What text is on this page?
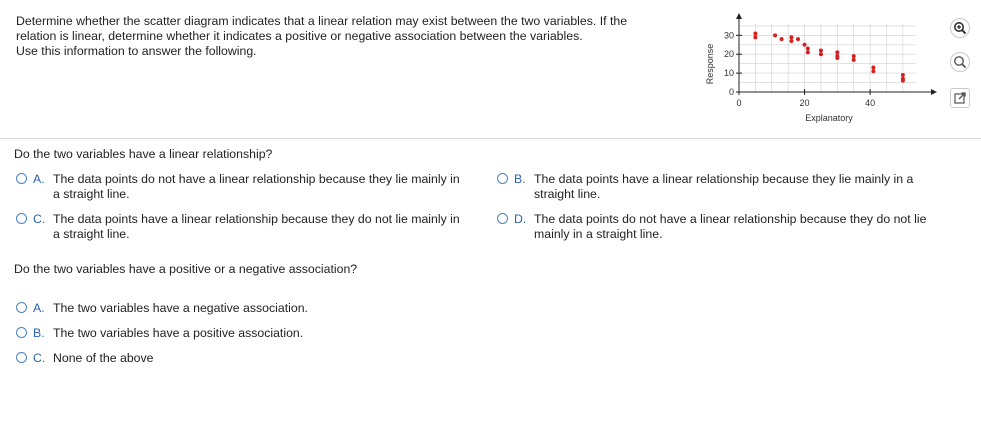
Determine whether the scatter diagram indicates that a linear relation may exist between the two variables. If the
relation is linear, determine whether it indicates a positive or negative association between the variables.
Use this information to answer the following.
0
10
20
30
0	20	40
Explanatory
Response
Do the two variables have a linear relationship?
A. The data points do not have a linear relationship because they lie mainly in
a straight line.
B. The data points have a linear relationship because they lie mainly in a
straight line.
C. The data points have a linear relationship because they do not lie mainly in
a straight line.
D. The data points do not have a linear relationship because they do not lie
mainly in a straight line.
Do the two variables have a positive or a negative association?
A. The two variables have a negative association.
B. The two variables have a positive association.
C. None of the above
